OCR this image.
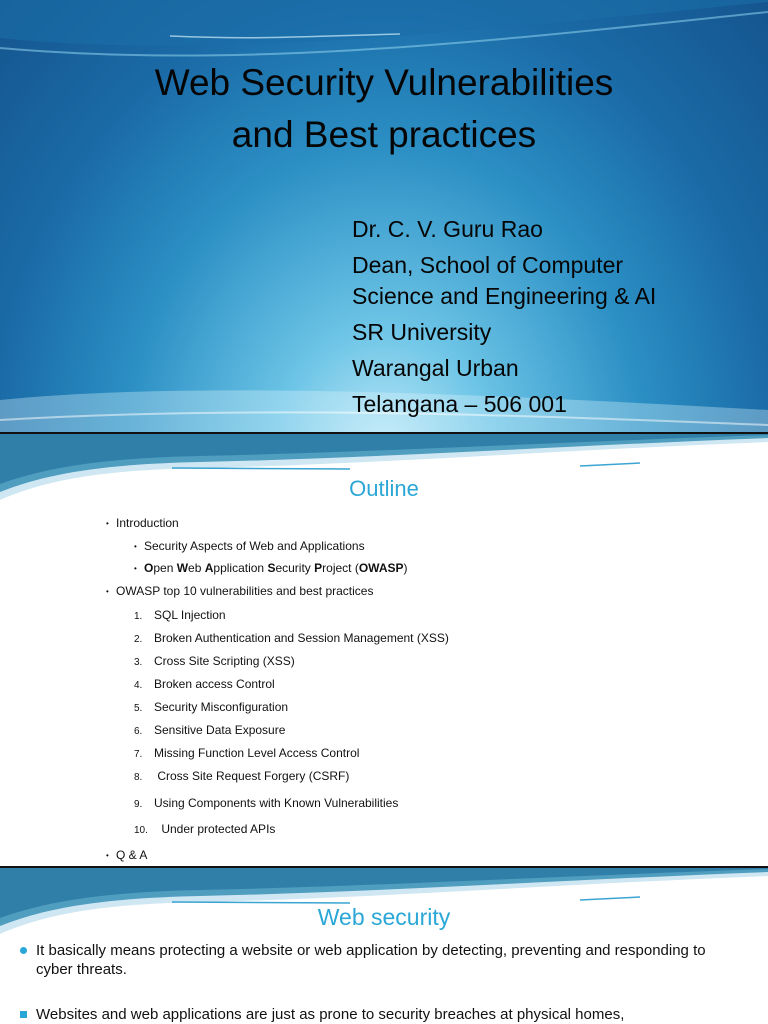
Web Security Vulnerabilities
and Best practices
Dr. C. V. Guru Rao
Dean, School of Computer
Science and Engineering & AI
SR University
Warangal Urban
Telangana – 506 001
Outline
• Introduction
• Security Aspects of Web and Applications
• Open Web Application Security Project (OWASP)
• OWASP top 10 vulnerabilities and best practices
1. SQL Injection
2. Broken Authentication and Session Management (XSS)
3. Cross Site Scripting (XSS)
4. Broken access Control
5. Security Misconfiguration
6. Sensitive Data Exposure
7. Missing Function Level Access Control
8. Cross Site Request Forgery (CSRF)
9. Using Components with Known Vulnerabilities
10. Under protected APIs
• Q & A
Web security
It basically means protecting a website or web application by detecting, preventing and responding to cyber threats.
Websites and web applications are just as prone to security breaches at physical homes,
